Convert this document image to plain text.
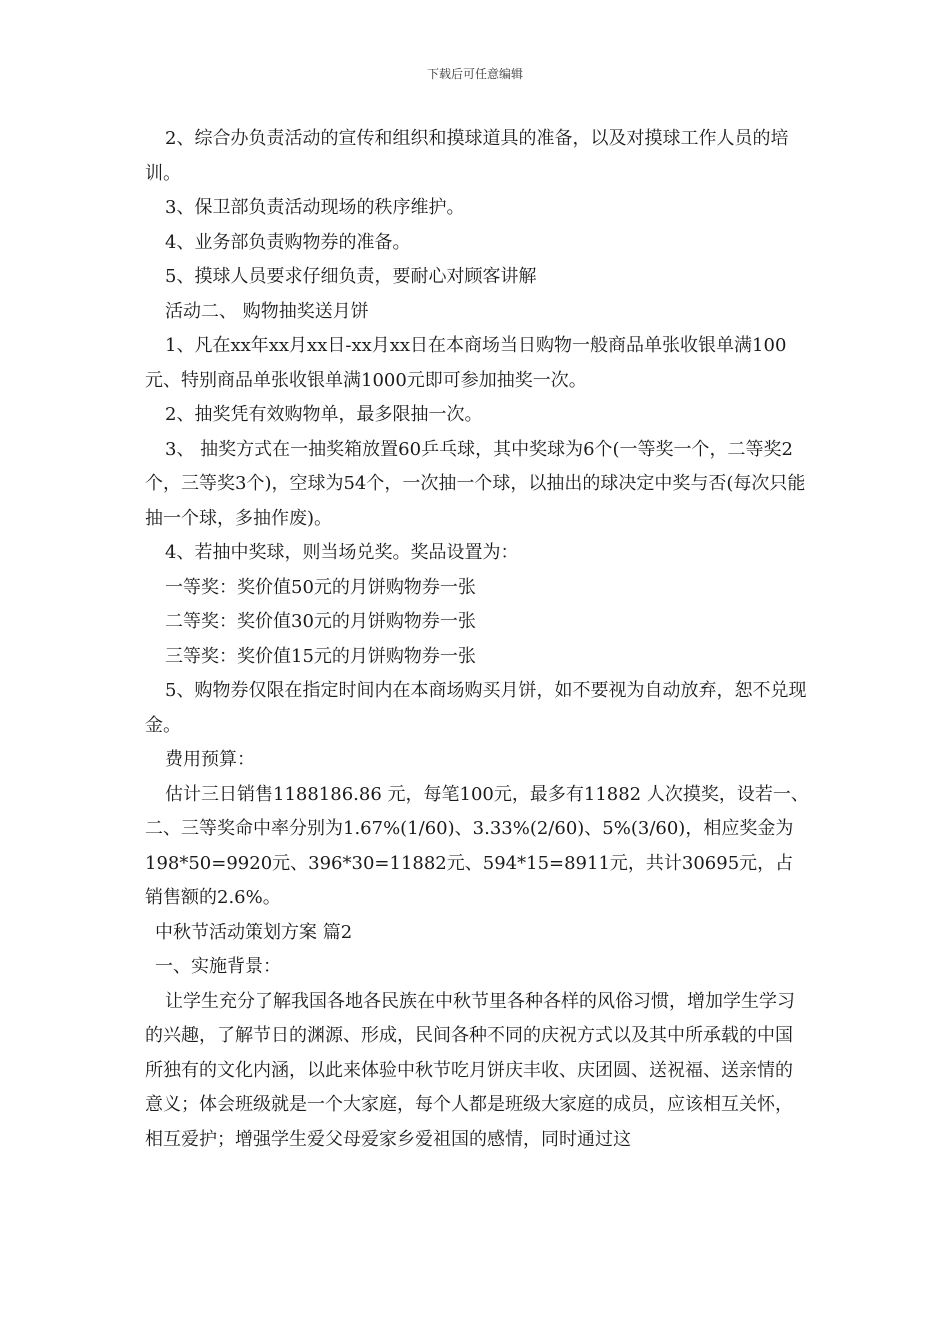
下载后可任意编辑

2、综合办负责活动的宣传和组织和摸球道具的准备，以及对摸球工作人员的培训。

3、保卫部负责活动现场的秩序维护。

4、业务部负责购物券的准备。

5、摸球人员要求仔细负责，要耐心对顾客讲解

活动二、 购物抽奖送月饼

1、凡在xx年xx月xx日-xx月xx日在本商场当日购物一般商品单张收银单满100元、特别商品单张收银单满1000元即可参加抽奖一次。

2、抽奖凭有效购物单，最多限抽一次。

3、 抽奖方式在一抽奖箱放置60乒乓球，其中奖球为6个(一等奖一个，二等奖2个，三等奖3个)，空球为54个，一次抽一个球，以抽出的球决定中奖与否(每次只能抽一个球，多抽作废)。

4、若抽中奖球，则当场兑奖。奖品设置为：

一等奖：奖价值50元的月饼购物券一张

二等奖：奖价值30元的月饼购物券一张

三等奖：奖价值15元的月饼购物券一张

5、购物券仅限在指定时间内在本商场购买月饼，如不要视为自动放弃，恕不兑现金。

费用预算：

估计三日销售1188186.86 元，每笔100元，最多有11882 人次摸奖，设若一、二、三等奖命中率分别为1.67%(1/60)、3.33%(2/60)、5%(3/60)，相应奖金为198*50=9920元、396*30=11882元、594*15=8911元，共计30695元，占销售额的2.6%。

中秋节活动策划方案 篇2

一、实施背景：

让学生充分了解我国各地各民族在中秋节里各种各样的风俗习惯，增加学生学习的兴趣，了解节日的渊源、形成，民间各种不同的庆祝方式以及其中所承载的中国所独有的文化内涵，以此来体验中秋节吃月饼庆丰收、庆团圆、送祝福、送亲情的意义；体会班级就是一个大家庭，每个人都是班级大家庭的成员，应该相互关怀，相互爱护；增强学生爱父母爱家乡爱祖国的感情，同时通过这
